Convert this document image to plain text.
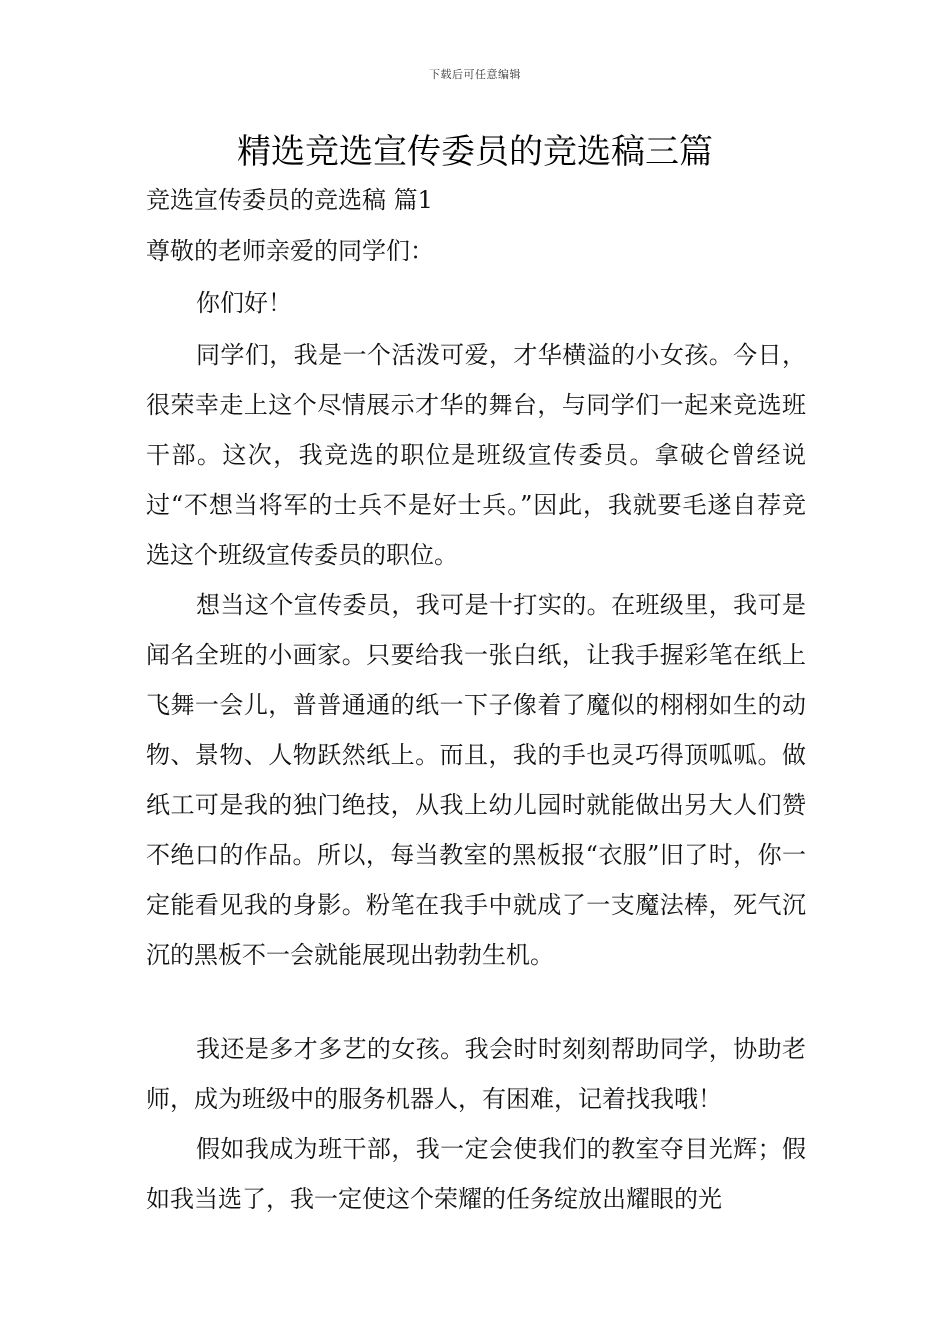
下载后可任意编辑
精选竞选宣传委员的竞选稿三篇
竞选宣传委员的竞选稿 篇1
尊敬的老师亲爱的同学们：
你们好！

同学们，我是一个活泼可爱，才华横溢的小女孩。今日，很荣幸走上这个尽情展示才华的舞台，与同学们一起来竞选班干部。这次，我竞选的职位是班级宣传委员。拿破仑曾经说过“不想当将军的士兵不是好士兵。”因此，我就要毛遂自荐竞选这个班级宣传委员的职位。

想当这个宣传委员，我可是十打实的。在班级里，我可是闻名全班的小画家。只要给我一张白纸，让我手握彩笔在纸上飞舞一会儿，普普通通的纸一下子像着了魔似的栩栩如生的动物、景物、人物跃然纸上。而且，我的手也灵巧得顶呱呱。做纸工可是我的独门绝技，从我上幼儿园时就能做出另大人们赞不绝口的作品。所以，每当教室的黑板报“衣服”旧了时，你一定能看见我的身影。粉笔在我手中就成了一支魔法棒，死气沉沉的黑板不一会就能展现出勃勃生机。

我还是多才多艺的女孩。我会时时刻刻帮助同学，协助老师，成为班级中的服务机器人，有困难，记着找我哦！

假如我成为班干部，我一定会使我们的教室夺目光辉；假如我当选了，我一定使这个荣耀的任务绽放出耀眼的光
